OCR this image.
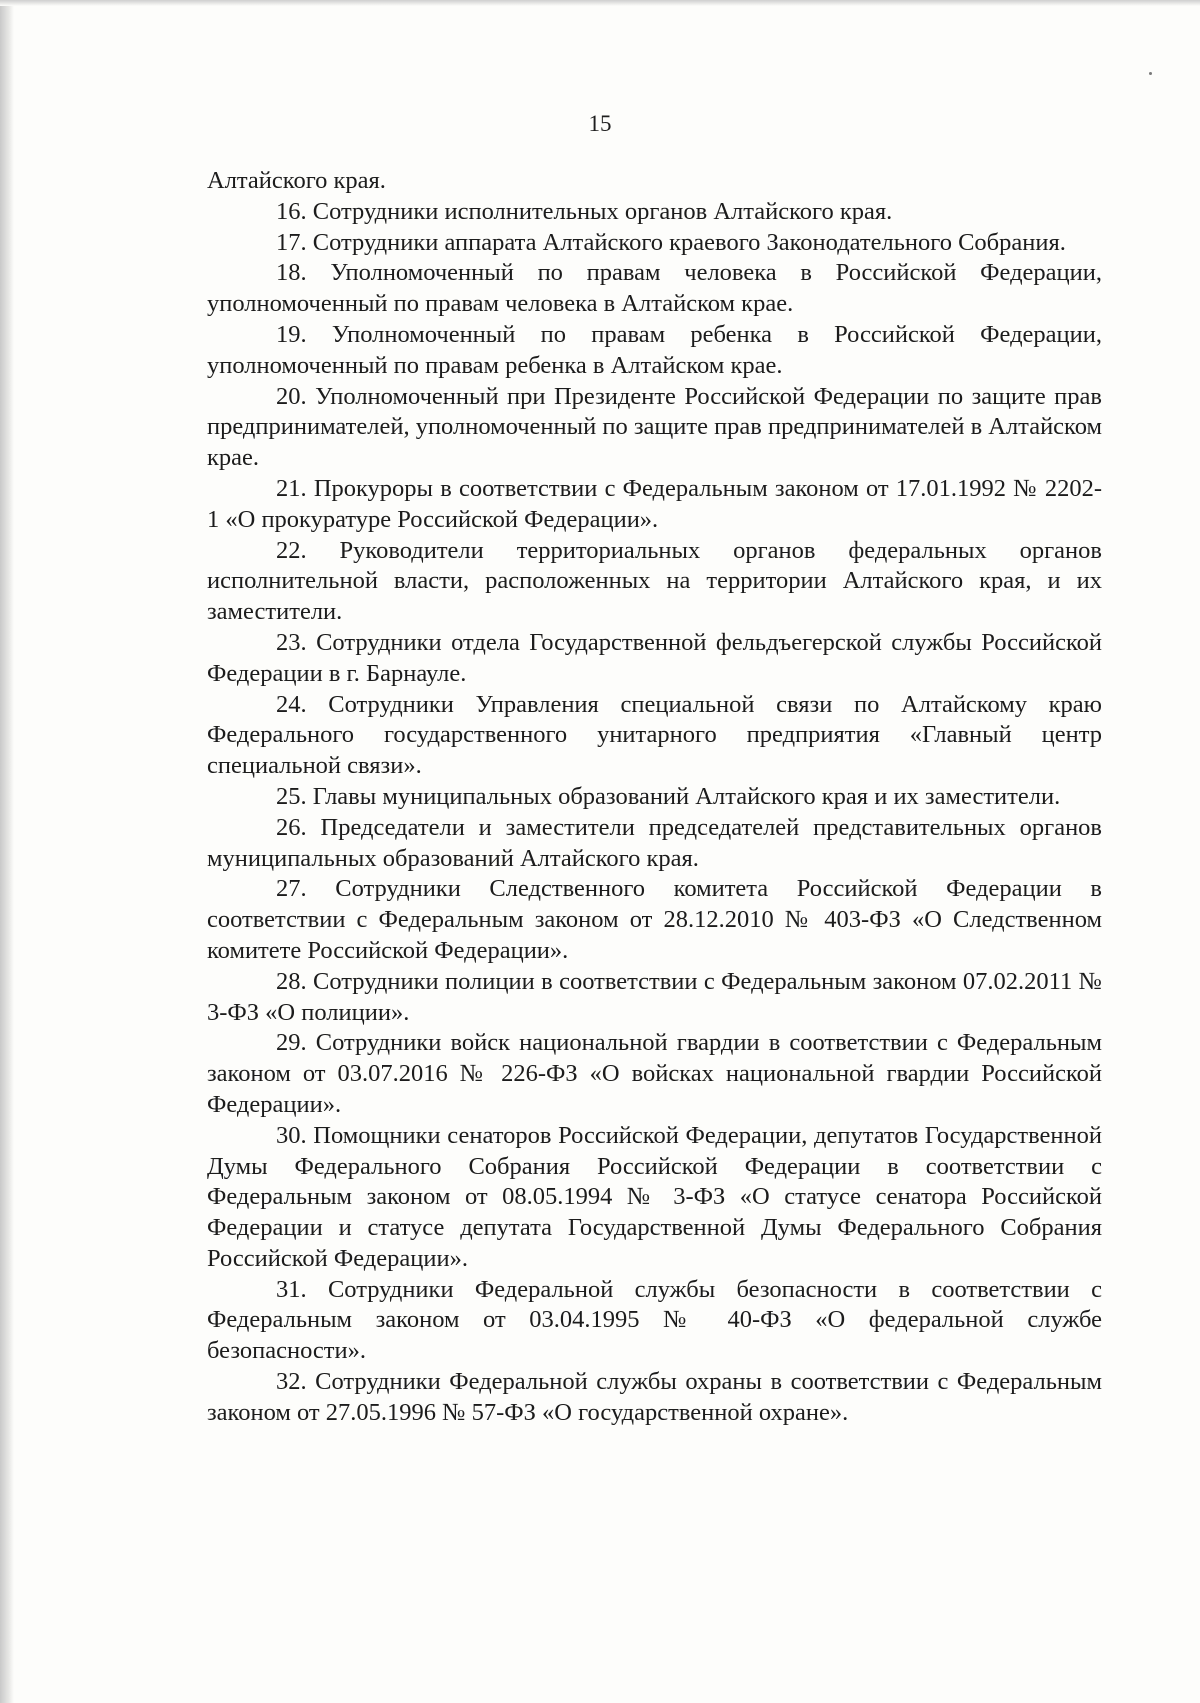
15

Алтайского края.

16. Сотрудники исполнительных органов Алтайского края.

17. Сотрудники аппарата Алтайского краевого Законодательного Собрания.

18. Уполномоченный по правам человека в Российской Федерации, уполномоченный по правам человека в Алтайском крае.

19. Уполномоченный по правам ребенка в Российской Федерации, уполномоченный по правам ребенка в Алтайском крае.

20. Уполномоченный при Президенте Российской Федерации по защите прав предпринимателей, уполномоченный по защите прав предпринимателей в Алтайском крае.

21. Прокуроры в соответствии с Федеральным законом от 17.01.1992 № 2202-1 «О прокуратуре Российской Федерации».

22. Руководители территориальных органов федеральных органов исполнительной власти, расположенных на территории Алтайского края, и их заместители.

23. Сотрудники отдела Государственной фельдъегерской службы Российской Федерации в г. Барнауле.

24. Сотрудники Управления специальной связи по Алтайскому краю Федерального государственного унитарного предприятия «Главный центр специальной связи».

25. Главы муниципальных образований Алтайского края и их заместители.

26. Председатели и заместители председателей представительных органов муниципальных образований Алтайского края.

27. Сотрудники Следственного комитета Российской Федерации в соответствии с Федеральным законом от 28.12.2010 № 403-ФЗ «О Следственном комитете Российской Федерации».

28. Сотрудники полиции в соответствии с Федеральным законом 07.02.2011 № 3-ФЗ «О полиции».

29. Сотрудники войск национальной гвардии в соответствии с Федеральным законом от 03.07.2016 № 226-ФЗ «О войсках национальной гвардии Российской Федерации».

30. Помощники сенаторов Российской Федерации, депутатов Государственной Думы Федерального Собрания Российской Федерации в соответствии с Федеральным законом от 08.05.1994 № 3-ФЗ «О статусе сенатора Российской Федерации и статусе депутата Государственной Думы Федерального Собрания Российской Федерации».

31. Сотрудники Федеральной службы безопасности в соответствии с Федеральным законом от 03.04.1995 № 40-ФЗ «О федеральной службе безопасности».

32. Сотрудники Федеральной службы охраны в соответствии с Федеральным законом от 27.05.1996 № 57-ФЗ «О государственной охране».
